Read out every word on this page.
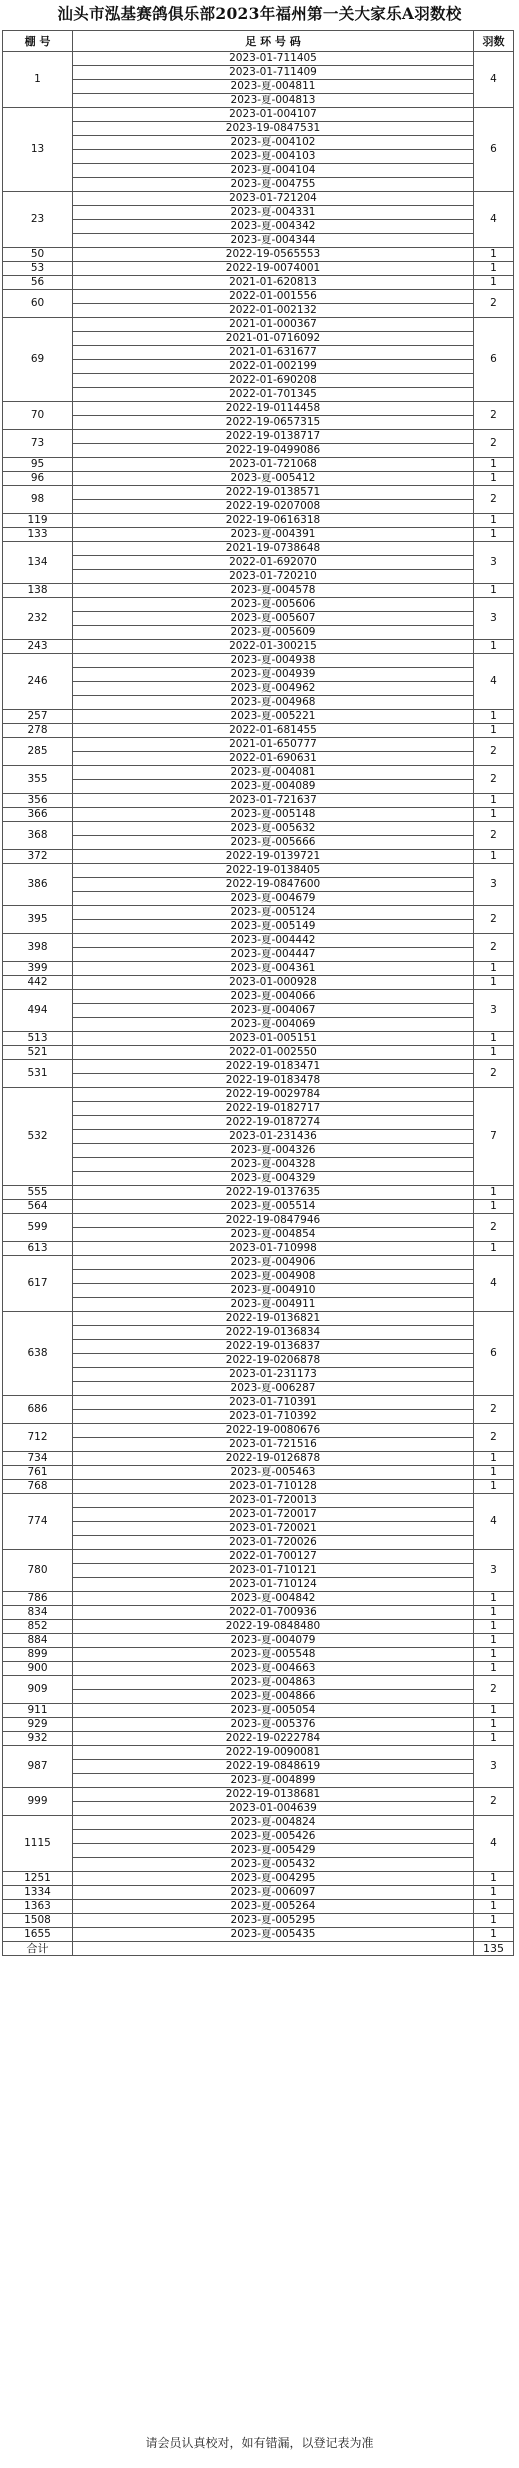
汕头市泓基赛鸽俱乐部2023年福州第一关大家乐A羽数校
棚 号	足 环 号 码	羽数
1	2023-01-711405	4
	2023-01-711409	
	2023-夏-004811	
	2023-夏-004813	
13	2023-01-004107	6
	2023-19-0847531	
	2023-夏-004102	
	2023-夏-004103	
	2023-夏-004104	
	2023-夏-004755	
23	2023-01-721204	4
	2023-夏-004331	
	2023-夏-004342	
	2023-夏-004344	
50	2022-19-0565553	1
53	2022-19-0074001	1
56	2021-01-620813	1
60	2022-01-001556	2
	2022-01-002132	
69	2021-01-000367	6
	2021-01-0716092	
	2021-01-631677	
	2022-01-002199	
	2022-01-690208	
	2022-01-701345	
70	2022-19-0114458	2
	2022-19-0657315	
73	2022-19-0138717	2
	2022-19-0499086	
95	2023-01-721068	1
96	2023-夏-005412	1
98	2022-19-0138571	2
	2022-19-0207008	
119	2022-19-0616318	1
133	2023-夏-004391	1
134	2021-19-0738648	3
	2022-01-692070	
	2023-01-720210	
138	2023-夏-004578	1
232	2023-夏-005606	3
	2023-夏-005607	
	2023-夏-005609	
243	2022-01-300215	1
246	2023-夏-004938	4
	2023-夏-004939	
	2023-夏-004962	
	2023-夏-004968	
257	2023-夏-005221	1
278	2022-01-681455	1
285	2021-01-650777	2
	2022-01-690631	
355	2023-夏-004081	2
	2023-夏-004089	
356	2023-01-721637	1
366	2023-夏-005148	1
368	2023-夏-005632	2
	2023-夏-005666	
372	2022-19-0139721	1
386	2022-19-0138405	3
	2022-19-0847600	
	2023-夏-004679	
395	2023-夏-005124	2
	2023-夏-005149	
398	2023-夏-004442	2
	2023-夏-004447	
399	2023-夏-004361	1
442	2023-01-000928	1
494	2023-夏-004066	3
	2023-夏-004067	
	2023-夏-004069	
513	2023-01-005151	1
521	2022-01-002550	1
531	2022-19-0183471	2
	2022-19-0183478	
532	2022-19-0029784	7
	2022-19-0182717	
	2022-19-0187274	
	2023-01-231436	
	2023-夏-004326	
	2023-夏-004328	
	2023-夏-004329	
555	2022-19-0137635	1
564	2023-夏-005514	1
599	2022-19-0847946	2
	2023-夏-004854	
613	2023-01-710998	1
617	2023-夏-004906	4
	2023-夏-004908	
	2023-夏-004910	
	2023-夏-004911	
638	2022-19-0136821	6
	2022-19-0136834	
	2022-19-0136837	
	2022-19-0206878	
	2023-01-231173	
	2023-夏-006287	
686	2023-01-710391	2
	2023-01-710392	
712	2022-19-0080676	2
	2023-01-721516	
734	2022-19-0126878	1
761	2023-夏-005463	1
768	2023-01-710128	1
774	2023-01-720013	4
	2023-01-720017	
	2023-01-720021	
	2023-01-720026	
780	2022-01-700127	3
	2023-01-710121	
	2023-01-710124	
786	2023-夏-004842	1
834	2022-01-700936	1
852	2022-19-0848480	1
884	2023-夏-004079	1
899	2023-夏-005548	1
900	2023-夏-004663	1
909	2023-夏-004863	2
	2023-夏-004866	
911	2023-夏-005054	1
929	2023-夏-005376	1
932	2022-19-0222784	1
987	2022-19-0090081	3
	2022-19-0848619	
	2023-夏-004899	
999	2022-19-0138681	2
	2023-01-004639	
1115	2023-夏-004824	4
	2023-夏-005426	
	2023-夏-005429	
	2023-夏-005432	
1251	2023-夏-004295	1
1334	2023-夏-006097	1
1363	2023-夏-005264	1
1508	2023-夏-005295	1
1655	2023-夏-005435	1
合计		135
请会员认真校对，如有错漏，以登记表为准
